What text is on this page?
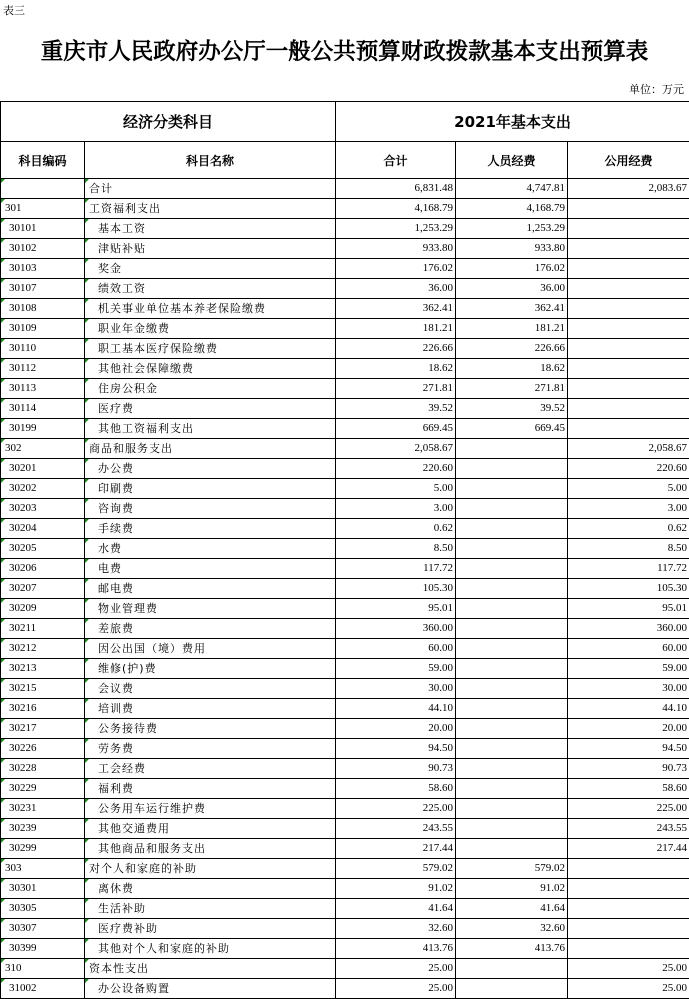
表三
重庆市人民政府办公厅一般公共预算财政拨款基本支出预算表
单位：万元
经济分类科目		2021年基本支出		
科目编码	科目名称	合计	人员经费	公用经费
	合计	6,831.48	4,747.81	2,083.67
301	工资福利支出	4,168.79	4,168.79	
30101	基本工资	1,253.29	1,253.29	
30102	津贴补贴	933.80	933.80	
30103	奖金	176.02	176.02	
30107	绩效工资	36.00	36.00	
30108	机关事业单位基本养老保险缴费	362.41	362.41	
30109	职业年金缴费	181.21	181.21	
30110	职工基本医疗保险缴费	226.66	226.66	
30112	其他社会保障缴费	18.62	18.62	
30113	住房公积金	271.81	271.81	
30114	医疗费	39.52	39.52	
30199	其他工资福利支出	669.45	669.45	
302	商品和服务支出	2,058.67		2,058.67
30201	办公费	220.60		220.60
30202	印刷费	5.00		5.00
30203	咨询费	3.00		3.00
30204	手续费	0.62		0.62
30205	水费	8.50		8.50
30206	电费	117.72		117.72
30207	邮电费	105.30		105.30
30209	物业管理费	95.01		95.01
30211	差旅费	360.00		360.00
30212	因公出国（境）费用	60.00		60.00
30213	维修(护)费	59.00		59.00
30215	会议费	30.00		30.00
30216	培训费	44.10		44.10
30217	公务接待费	20.00		20.00
30226	劳务费	94.50		94.50
30228	工会经费	90.73		90.73
30229	福利费	58.60		58.60
30231	公务用车运行维护费	225.00		225.00
30239	其他交通费用	243.55		243.55
30299	其他商品和服务支出	217.44		217.44
303	对个人和家庭的补助	579.02	579.02	
30301	离休费	91.02	91.02	
30305	生活补助	41.64	41.64	
30307	医疗费补助	32.60	32.60	
30399	其他对个人和家庭的补助	413.76	413.76	
310	资本性支出	25.00		25.00
31002	办公设备购置	25.00		25.00
